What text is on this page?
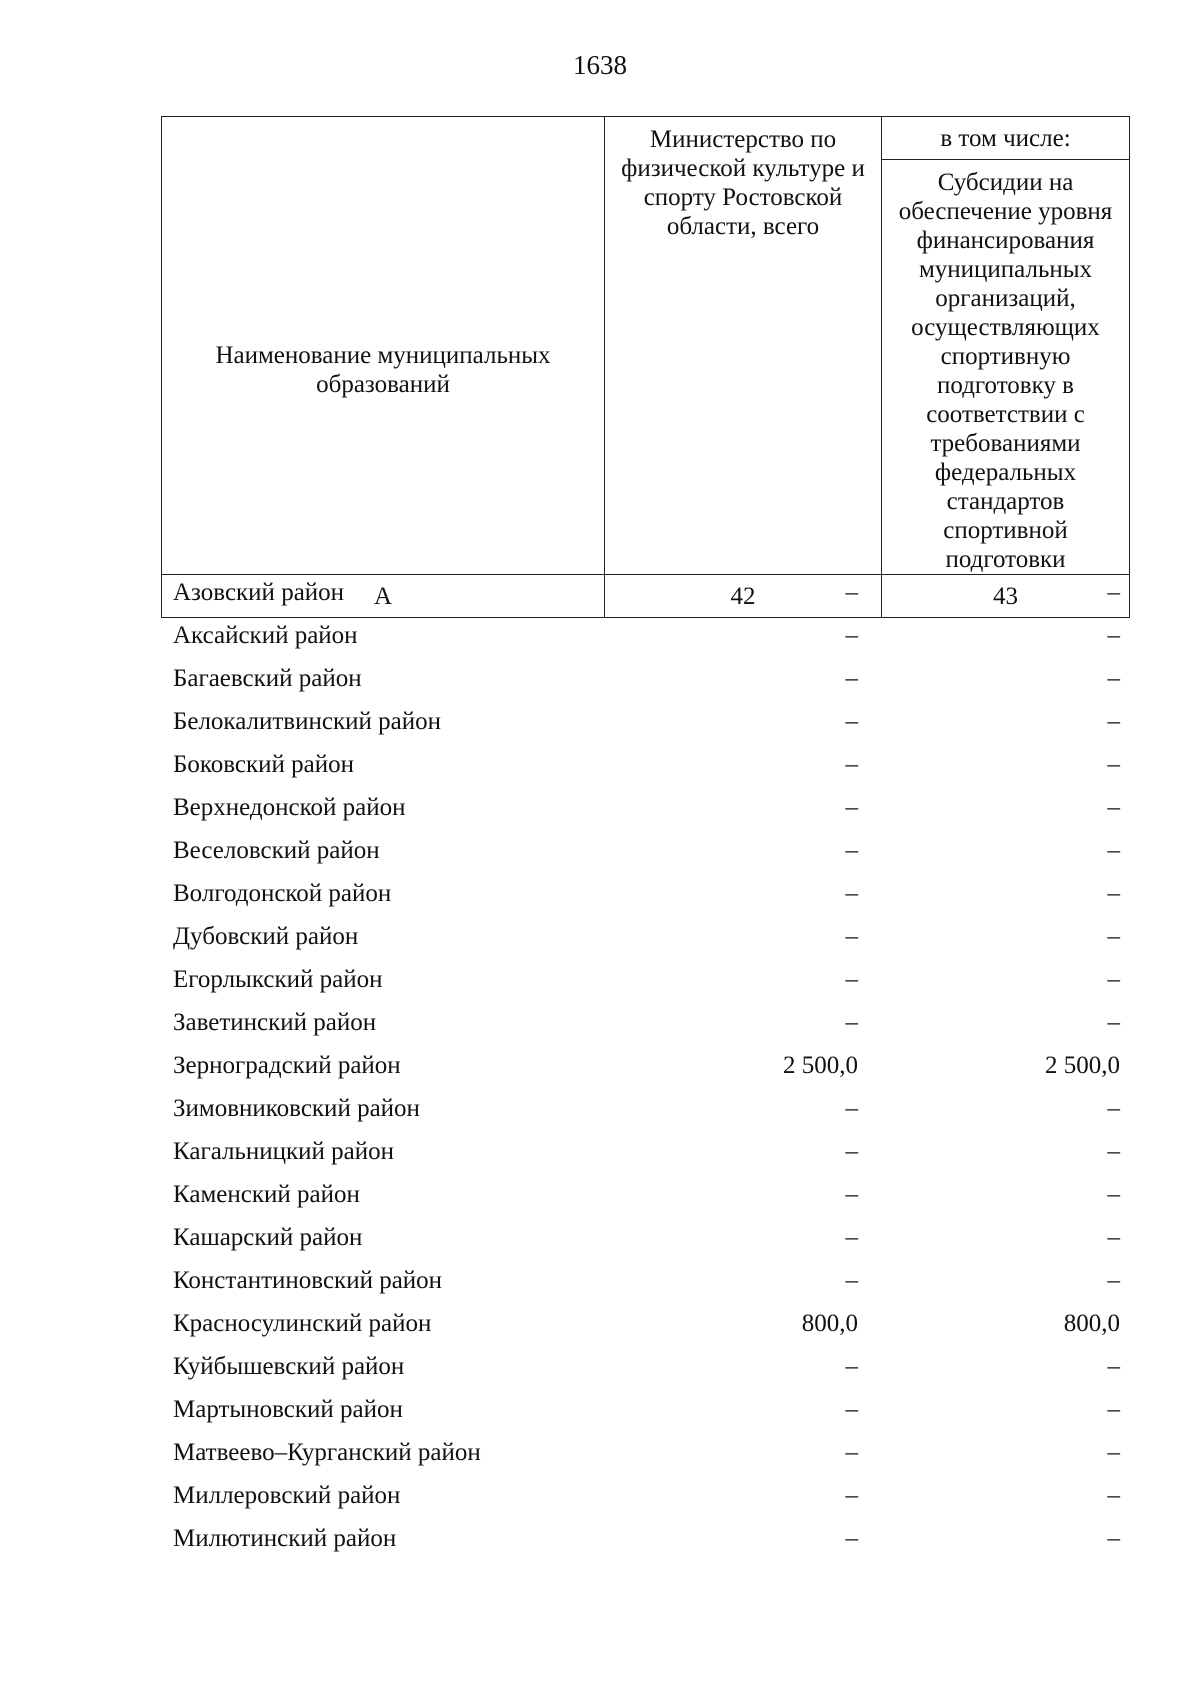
1638
Наименование муниципальных образований	Министерство по физической культуре и спорту Ростовской области, всего	в том числе:
		Субсидии на обеспечение уровня финансирования муниципальных организаций, осуществляющих спортивную подготовку в соответствии с требованиями федеральных стандартов спортивной подготовки
А	42	43
Азовский район	–	–
Аксайский район	–	–
Багаевский район	–	–
Белокалитвинский район	–	–
Боковский район	–	–
Верхнедонской район	–	–
Веселовский район	–	–
Волгодонской район	–	–
Дубовский район	–	–
Егорлыкский район	–	–
Заветинский район	–	–
Зерноградский район	2 500,0	2 500,0
Зимовниковский район	–	–
Кагальницкий район	–	–
Каменский район	–	–
Кашарский район	–	–
Константиновский район	–	–
Красносулинский район	800,0	800,0
Куйбышевский район	–	–
Мартыновский район	–	–
Матвеево–Курганский район	–	–
Миллеровский район	–	–
Милютинский район	–	–
